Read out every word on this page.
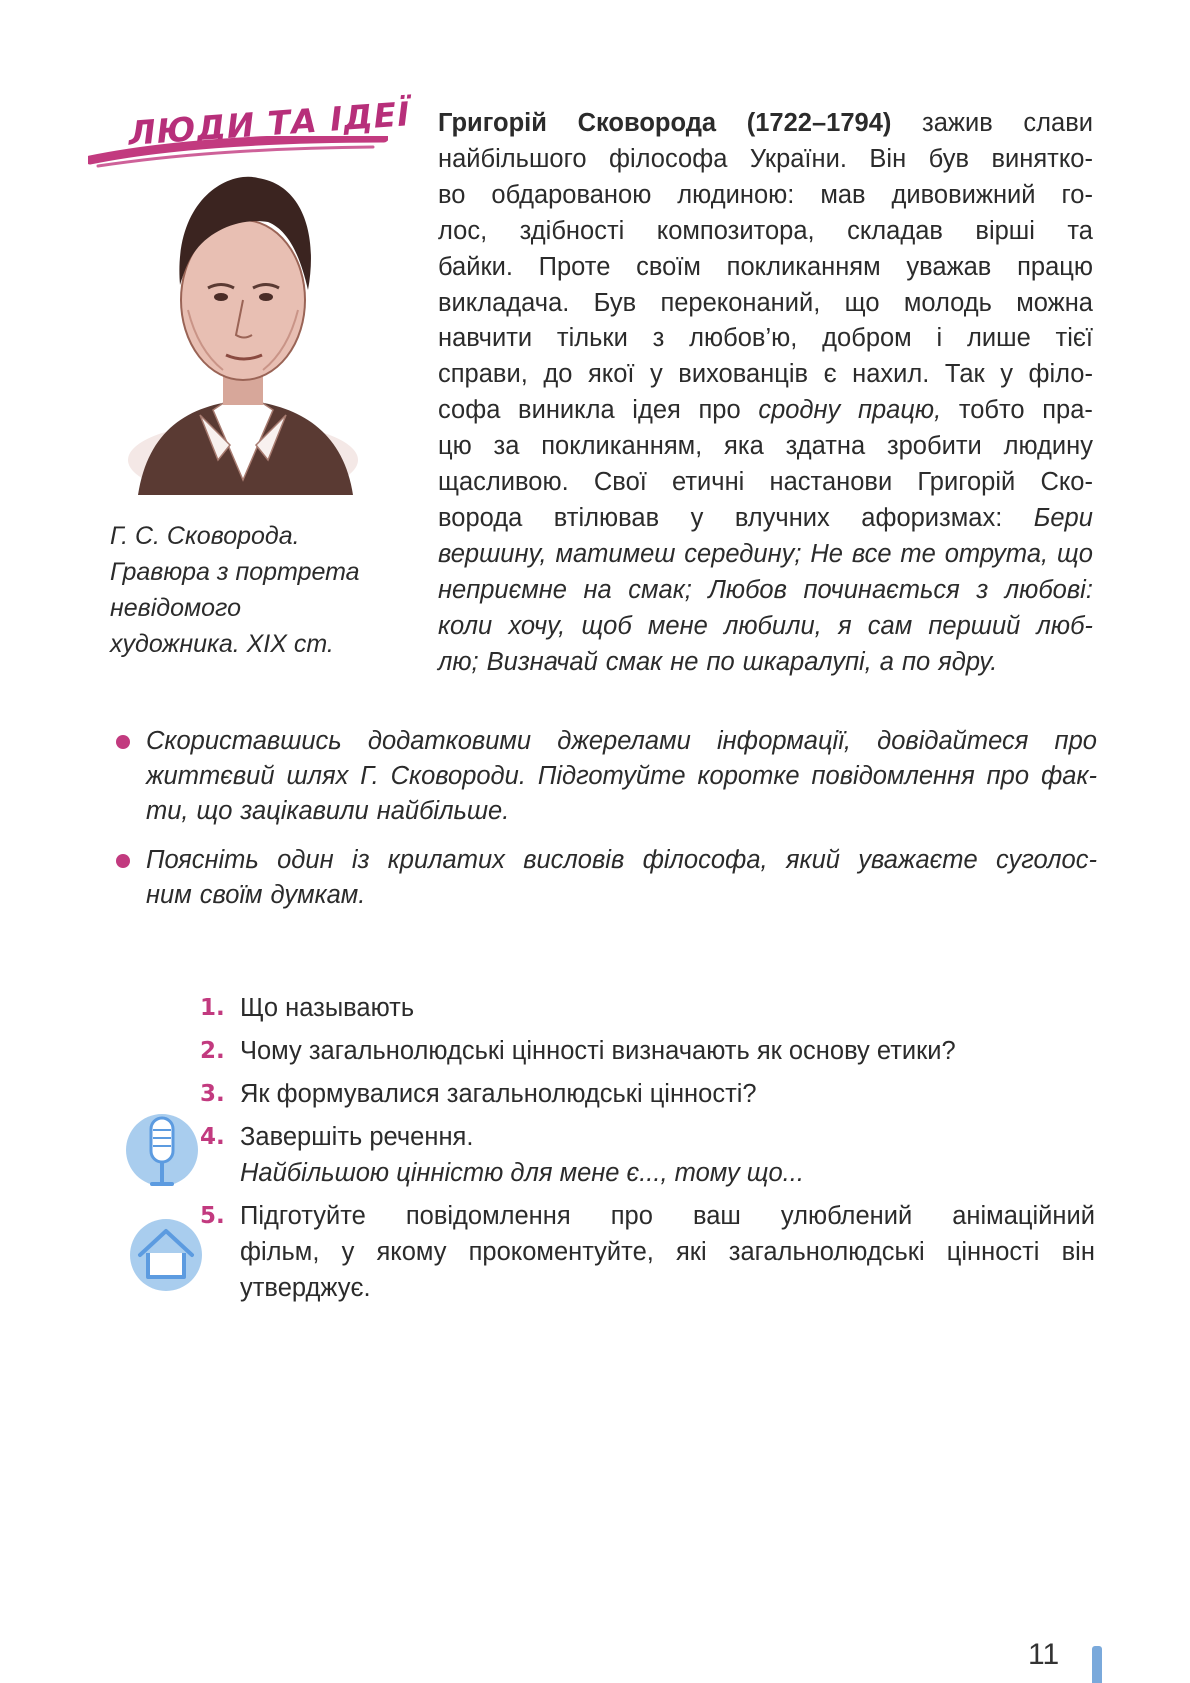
ЛЮДИ ТА ІДЕЇ
Г. С. Сковорода.
Гравюра з портрета
невідомого
художника. XIX ст.
Григорій Сковорода (1722–1794) зажив слави
найбільшого філософа України. Він був винятко-
во обдарованою людиною: мав дивовижний го-
лос, здібності композитора, складав вірші та
байки. Проте своїм покликанням уважав працю
викладача. Був переконаний, що молодь можна
навчити тільки з любов’ю, добром і лише тієї
справи, до якої у вихованців є нахил. Так у філо-
софа виникла ідея про сродну працю, тобто пра-
цю за покликанням, яка здатна зробити людину
щасливою. Свої етичні настанови Григорій Ско-
ворода втілював у влучних афоризмах: Бери
вершину, матимеш середину; Не все те отрута, що
неприємне на смак; Любов починається з любові:
коли хочу, щоб мене любили, я сам перший люб-
лю; Визначай смак не по шкаралупі, а по ядру.
Скориставшись додатковими джерелами інформації, довідайтеся про
життєвий шлях Г. Сковороди. Підготуйте коротке повідомлення про фак-
ти, що зацікавили найбільше.
Поясніть один із крилатих висловів філософа, який уважаєте суголос-
ним своїм думкам.
1. Що называють
2. Чому загальнолюдські цінності визначають як основу етики?
3. Як формувалися загальнолюдські цінності?
4. Завершіть речення.
Найбільшою цінністю для мене є..., тому що...
5. Підготуйте повідомлення про ваш улюблений анімаційний
фільм, у якому прокоментуйте, які загальнолюдські цінності він
утверджує.
11
